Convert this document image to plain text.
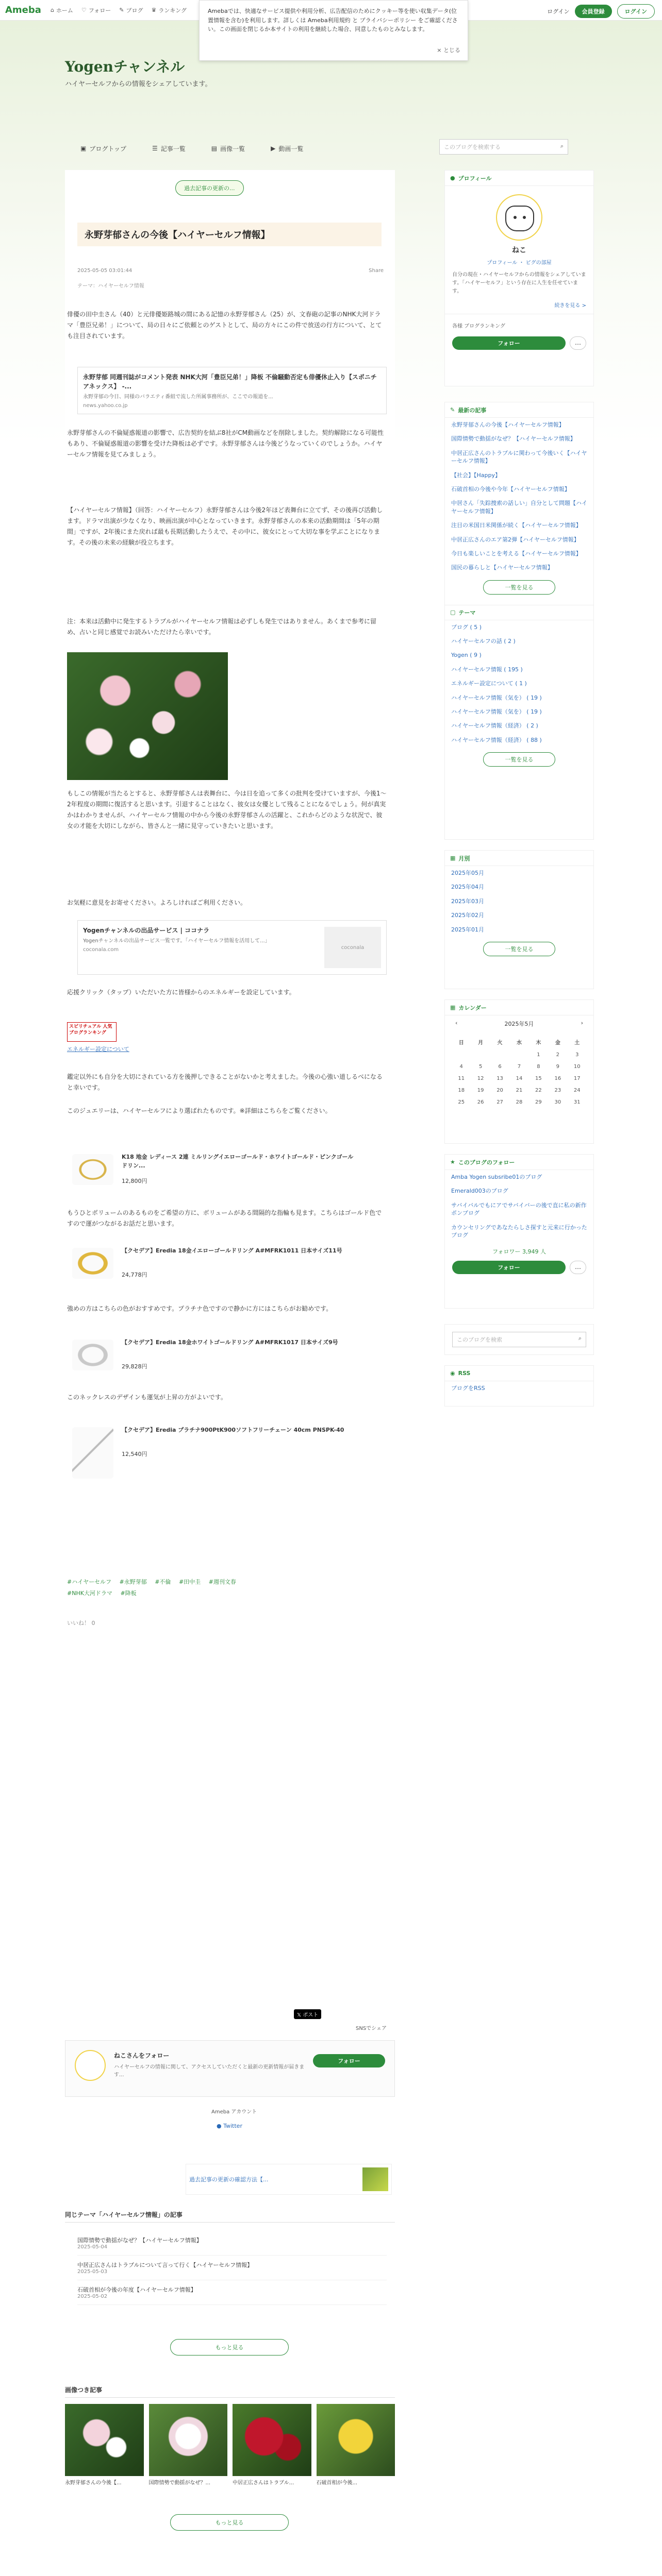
Ameba ⌂ ホーム ♡ フォロー ✎ ブログ ♛ ランキング	ログイン	会員登録	ログイン
Amebaでは、快適なサービス提供や利用分析、広告配信のためにクッキー等を使い収集データ(位置情報を含む)を利用します。詳しくは Ameba利用規約 と プライバシーポリシー をご確認ください。この画面を閉じるか本サイトの利用を継続した場合、同意したものとみなします。
× とじる
Yogenチャンネル
ハイヤーセルフからの情報をシェアしています。
▣ ブログトップ	☰ 記事一覧	▤ 画像一覧	▶ 動画一覧	このブログを検索する	⌕
過去記事の更新の...
永野芽郁さんの今後【ハイヤーセルフ情報】
2025-05-05 03:01:44	Share
テーマ：ハイヤーセルフ情報
俳優の田中圭さん（40）と元俳優姫路城の間にある記憶の永野芽郁さん（25）が、文春砲の記事のNHK大河ドラマ「豊臣兄弟！」について、局の日々にご依頼とのゲストとして、局の方々にこの件で放送の行方について、とても注目されています。
永野芽郁 同週刊誌がコメント発表 NHK大河「豊臣兄弟！」降板 不倫騒動否定も俳優休止入り【スポニチアネックス】 -...
永野芽郁の今日、同様のバラエティ番組で流した所属事務所が、ここでの報道を...
news.yahoo.co.jp
永野芽郁さんの不倫疑惑報道の影響で、広告契約を結ぶ8社がCM動画などを削除しました。契約解除になる可能性もあり、不倫疑惑報道の影響を受けた降板は必ずです。永野芽郁さんは今後どうなっていくのでしょうか。ハイヤーセルフ情報を見てみましょう。
【ハイヤーセルフ情報】（回答：ハイヤーセルフ）永野芽郁さんは今後2年ほど表舞台に立てず、その後再び活動します。ドラマ出演が少なくなり、映画出演が中心となっていきます。永野芽郁さんの本来の活動期間は「5年の期間」ですが、2年後にまた戻れば最も長期活動したうえで、その中に、彼女にとって大切な事を学ぶことになります。その後の未来の経験が役立ちます。
注：本来は活動中に発生するトラブルがハイヤーセルフ情報は必ずしも発生ではありません。あくまで参考に留め、占いと同じ感覚でお読みいただけたら幸いです。
もしこの情報が当たるとすると、永野芽郁さんは表舞台に、今は日を追って多くの批判を受けていますが、今後1〜2年程度の期間に復活すると思います。引退することはなく、彼女は女優として残ることになるでしょう。何が真実かはわかりませんが、ハイヤーセルフ情報の中から今後の永野芽郁さんの活躍と、これからどのような状況で、彼女の才能を大切にしながら、皆さんと一緒に見守っていきたいと思います。
お気軽に意見をお寄せください。よろしければご利用ください。
Yogenチャンネルの出品サービス | ココナラ
Yogenチャンネルの出品サービス一覧です。「ハイヤーセルフ情報を活用して...」
coconala.com	coconala
応援クリック（タップ）いただいた方に皆様からのエネルギーを設定しています。
スピリチュアル 人気ブログランキング
エネルギー設定について
鑑定以外にも自分を大切にされている方を後押しできることがないかと考えました。今後の心強い道しるべになると幸いです。
このジュエリーは、ハイヤーセルフにより選ばれたものです。※詳細はこちらをご覧ください。
K18 地金 レディース 2連 ミルリングイエローゴールド・ホワイトゴールド・ピンクゴールドリン...
12,800円
もうひとボリュームのあるものをご希望の方に、ボリュームがある間隔的な指輪も見ます。こちらはゴールド色ですので運がつながるお話だと思います。
【クセデア】Eredia 18金イエローゴールドリング A#MFRK1011 日本サイズ11号
24,778円
強めの方はこちらの色がおすすめです。プラチナ色ですので静かに方にはこちらがお勧めです。
【クセデア】Eredia 18金ホワイトゴールドリング A#MFRK1017 日本サイズ9号
29,828円
このネックレスのデザインも運気が上昇の方がよいです。
【クセデア】Eredia プラチナ900PtK900ソフトフリーチェーン 40cm PNSPK-40
12,540円
#ハイヤーセルフ #永野芽郁 #不倫 #田中圭 #週刊文春
#NHK大河ドラマ #降板
いいね！ 0
● プロフィール
ねこ
プロフィール ・ ピグの部屋
自分の現在・ハイヤーセルフからの情報をシェアしています。「ハイヤーセルフ」という存在に人生を任せています。
続きを見る >
各様 ブログランキング
フォロー	…
✎ 最新の記事
永野芽郁さんの今後【ハイヤーセルフ情報】
国際情勢で動揺がなぜ？【ハイヤーセルフ情報】
中居正広さんのトラブルに関わって今後いく【ハイヤーセルフ情報】
【社会】【Happy】
石破首相の今後や今年【ハイヤーセルフ情報】
中居さん「失踪捜索の話しい」自分として問題【ハイヤーセルフ情報】
注目の米国日米関係が続く【ハイヤーセルフ情報】
中居正広さんのエア第2弾【ハイヤーセルフ情報】
今日も楽しいことを考える【ハイヤーセルフ情報】
国民の暮らしと【ハイヤーセルフ情報】
一覧を見る
▢ テーマ
ブログ ( 5 )
ハイヤーセルフの話 ( 2 )
Yogen ( 9 )
ハイヤーセルフ情報 ( 195 )
エネルギー設定について ( 1 )
ハイヤーセルフ情報（気を） ( 19 )
ハイヤーセルフ情報（気を） ( 19 )
ハイヤーセルフ情報（経済） ( 2 )
ハイヤーセルフ情報（経済） ( 88 )
一覧を見る
▦ 月別
2025年05月
2025年04月
2025年03月
2025年02月
2025年01月
一覧を見る
▦ カレンダー
‹	2025年5月	›
日	月	火	水	木	金	土
				1	2	3
4	5	6	7	8	9	10
11	12	13	14	15	16	17
18	19	20	21	22	23	24
25	26	27	28	29	30	31
★ このブログのフォロー
Amba Yogen subsribe01のブログ
Emerald003のブログ
サバイバルでもにアでサバイバーの後で直に私の新作ポンブログ
カウンセリングであなたらしさ探すと元来に行かったブログ
フォロワー 3,949 人
フォロー	…
このブログを検索	⌕
◉ RSS
ブログをRSS
𝕏 ポスト
SNSでシェア
ねこさんをフォロー
ハイヤーセルフの情報に関して、アクセスしていただくと最新の更新情報が届きます...
フォロー
Ameba アカウント
● Twitter
過去記事の更新の確認方法【...
同じテーマ「ハイヤーセルフ情報」の記事
国際情勢で動揺がなぜ？【ハイヤーセルフ情報】
2025-05-04
中居正広さんはトラブルについて言って行く【ハイヤーセルフ情報】
2025-05-03
石破首相が今後の年度【ハイヤーセルフ情報】
2025-05-02
もっと見る
画像つき記事
永野芽郁さんの今後【...	国際情勢で動揺がなぜ？...	中居正広さんはトラブル...	石破首相が今後...
もっと見る
